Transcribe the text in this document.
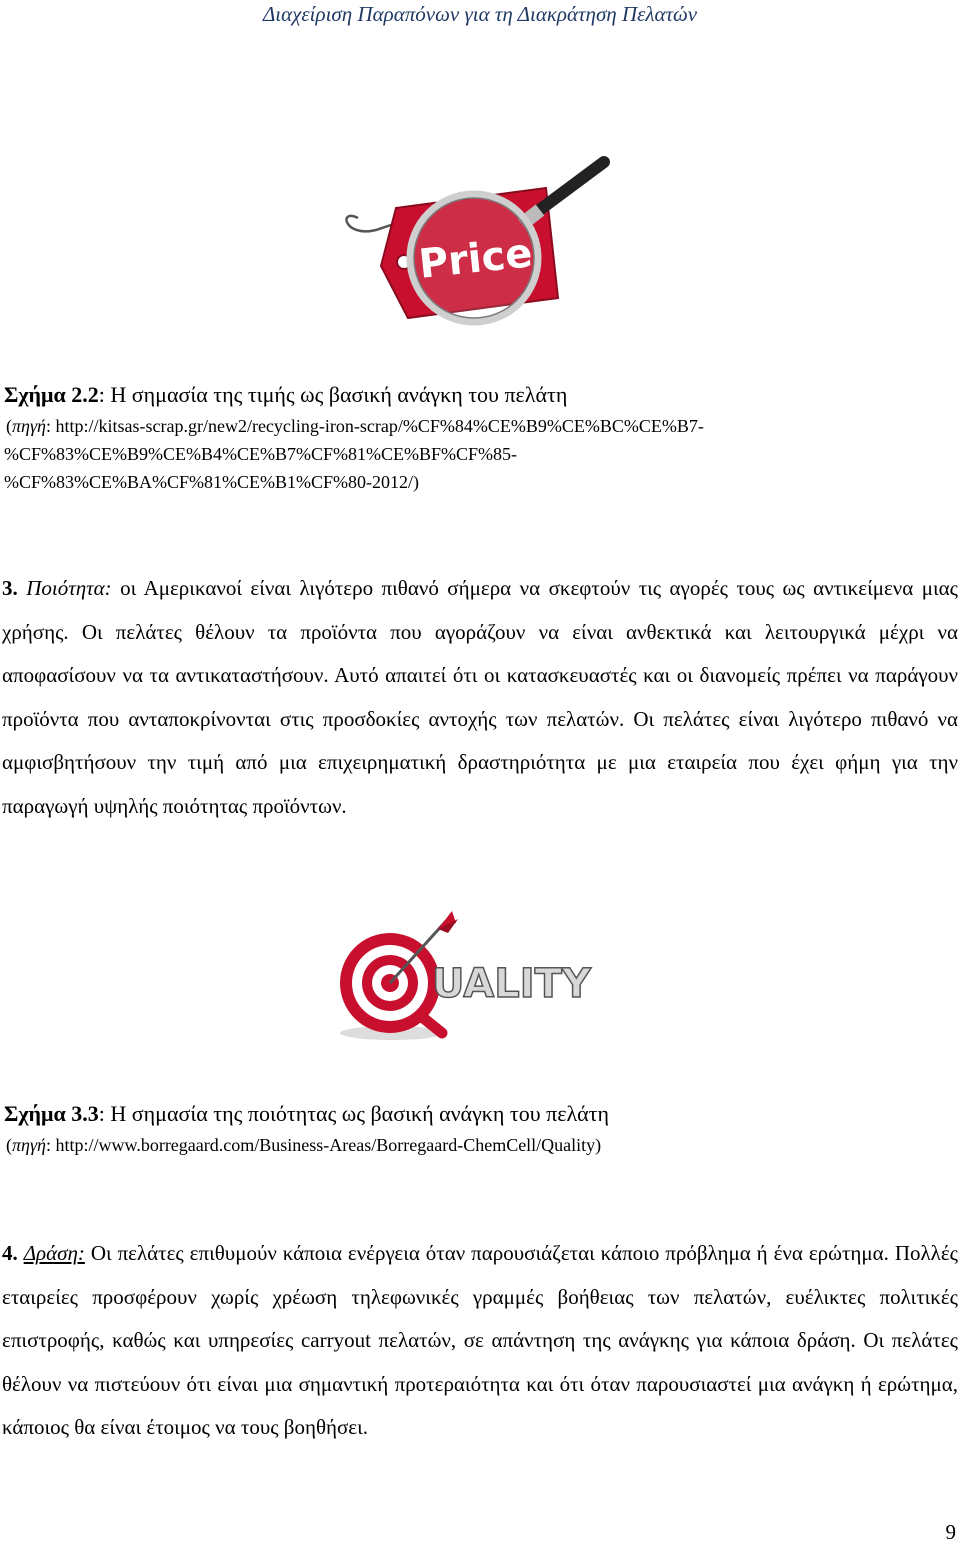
Διαχείριση Παραπόνων για τη Διακράτηση Πελατών
Price
Σχήμα 2.2: Η σημασία της τιμής ως βασική ανάγκη του πελάτη
(πηγή: http://kitsas-scrap.gr/new2/recycling-iron-scrap/%CF%84%CE%B9%CE%BC%CE%B7-
%CF%83%CE%B9%CE%B4%CE%B7%CF%81%CE%BF%CF%85-
%CF%83%CE%BA%CF%81%CE%B1%CF%80-2012/)
3. Ποιότητα: οι Αμερικανοί είναι λιγότερο πιθανό σήμερα να σκεφτούν τις αγορές τους ως αντικείμενα μιας χρήσης. Οι πελάτες θέλουν τα προϊόντα που αγοράζουν να είναι ανθεκτικά και λειτουργικά μέχρι να αποφασίσουν να τα αντικαταστήσουν. Αυτό απαιτεί ότι οι κατασκευαστές και οι διανομείς πρέπει να παράγουν προϊόντα που ανταποκρίνονται στις προσδοκίες αντοχής των πελατών. Οι πελάτες είναι λιγότερο πιθανό να αμφισβητήσουν την τιμή από μια επιχειρηματική δραστηριότητα με μια εταιρεία που έχει φήμη για την παραγωγή υψηλής ποιότητας προϊόντων.
UALITY
Σχήμα 3.3: Η σημασία της ποιότητας ως βασική ανάγκη του πελάτη
(πηγή: http://www.borregaard.com/Business-Areas/Borregaard-ChemCell/Quality)
4. Δράση: Οι πελάτες επιθυμούν κάποια ενέργεια όταν παρουσιάζεται κάποιο πρόβλημα ή ένα ερώτημα. Πολλές εταιρείες προσφέρουν χωρίς χρέωση τηλεφωνικές γραμμές βοήθειας των πελατών, ευέλικτες πολιτικές επιστροφής, καθώς και υπηρεσίες carryout πελατών, σε απάντηση της ανάγκης για κάποια δράση. Οι πελάτες θέλουν να πιστεύουν ότι είναι μια σημαντική προτεραιότητα και ότι όταν παρουσιαστεί μια ανάγκη ή ερώτημα, κάποιος θα είναι έτοιμος να τους βοηθήσει.
9
